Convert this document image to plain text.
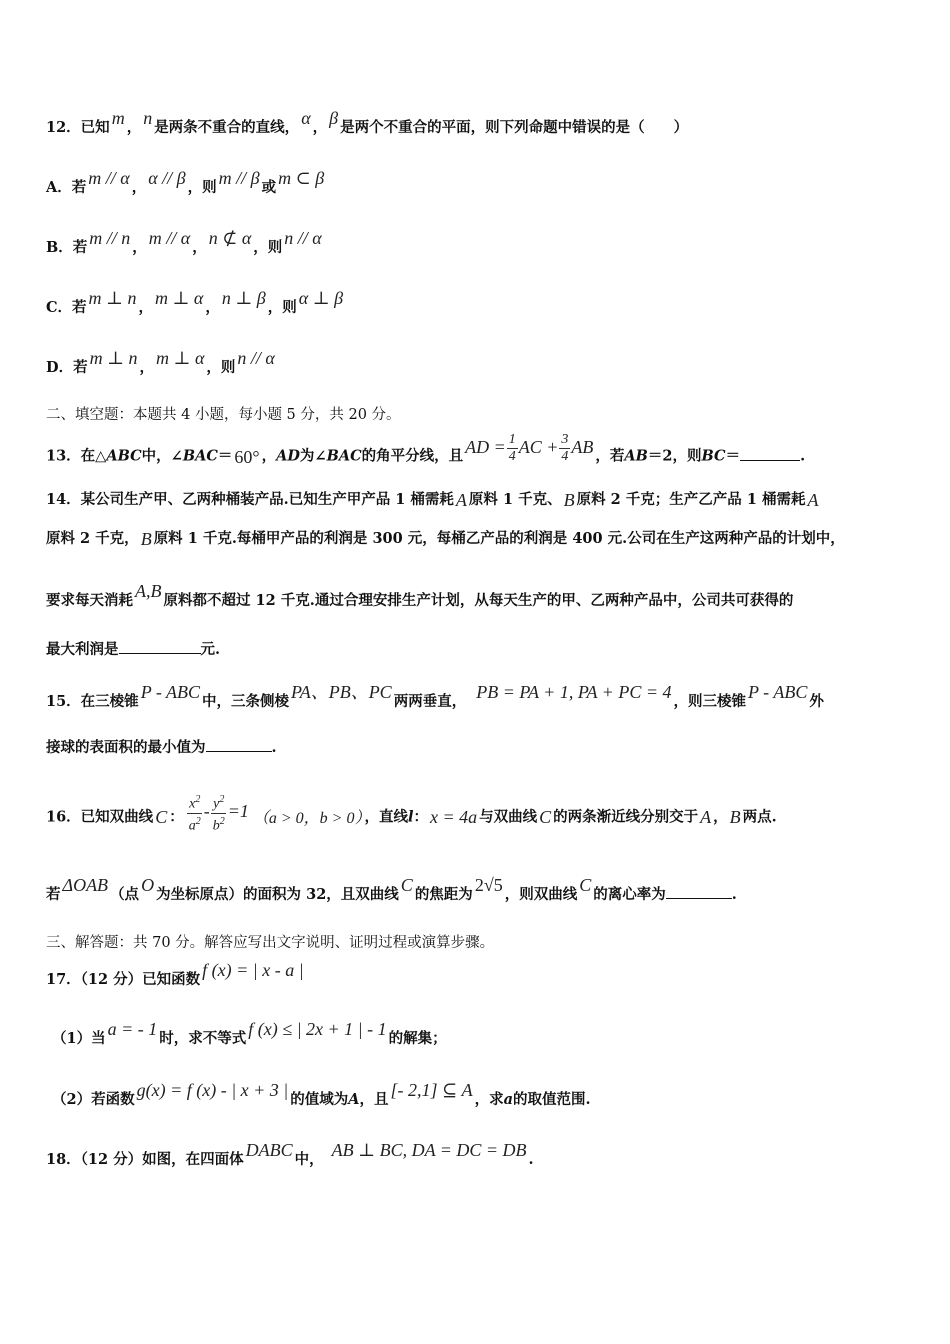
12．已知 m ， n 是两条不重合的直线， α ， β 是两个不重合的平面，则下列命题中错误的是（　　）
A．若 m // α ， α // β ，则 m // β 或 m ⊂ β
B．若 m // n ， m // α ， n ⊄ α ，则 n // α
C．若 m ⊥ n ， m ⊥ α ， n ⊥ β ，则 α ⊥ β
D．若 m ⊥ n ， m ⊥ α ，则 n // α
二、填空题：本题共 4 小题，每小题 5 分，共 20 分。
13．在△ABC中，∠BAC＝ 60° ，AD为∠BAC的角平分线，且 AD = $\frac{1}{4}$ AC + $\frac{3}{4}$ AB ，若AB＝2，则BC＝	.
14．某公司生产甲、乙两种桶装产品.已知生产甲产品 1 桶需耗 A 原料 1 千克、 B 原料 2 千克；生产乙产品 1 桶需耗 A
原料 2 千克， B 原料 1 千克.每桶甲产品的利润是 300 元，每桶乙产品的利润是 400 元.公司在生产这两种产品的计划中，
要求每天消耗 A,B 原料都不超过 12 千克.通过合理安排生产计划，从每天生产的甲、乙两种产品中，公司共可获得的
最大利润是	元.
15．在三棱锥 P - ABC 中，三条侧棱 PA、PB、PC 两两垂直， PB = PA + 1, PA + PC = 4 ，则三棱锥 P - ABC 外
接球的表面积的最小值为	.
16．已知双曲线 C ： $\frac{x^2}{a^2} - \frac{y^2}{b^2} =1$ （a > 0，b > 0） ，直线l： x = 4a 与双曲线 C 的两条渐近线分别交于 A ， B 两点.
若 ΔOAB （点 O 为坐标原点）的面积为 32，且双曲线 C 的焦距为 2√5 ，则双曲线 C 的离心率为	.
三、解答题：共 70 分。解答应写出文字说明、证明过程或演算步骤。
17．（12 分）已知函数 f (x) = | x - a |
（1）当 a = - 1 时，求不等式 f (x) ≤ | 2x + 1 | - 1 的解集；
（2）若函数 g(x) = f (x) - | x + 3 | 的值域为A，且 [- 2,1] ⊆ A ，求a的取值范围.
18．（12 分）如图，在四面体 DABC 中， AB ⊥ BC, DA = DC = DB .
